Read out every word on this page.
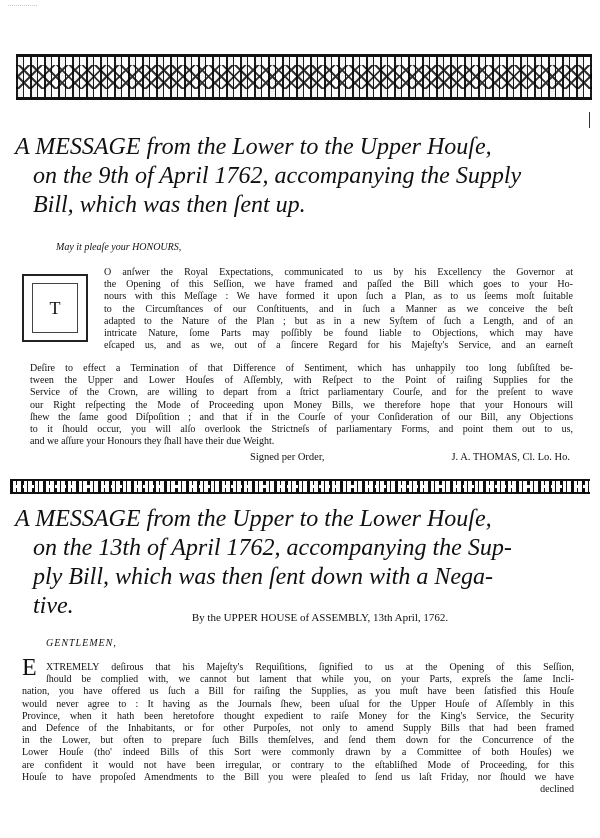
...............
A MESSAGE from the Lower to the Upper Houſe,
on the 9th of April 1762, accompanying the Supply
Bill, which was then ſent up.
May it pleaſe your HONOURS,
T
O anſwer the Royal Expectations, communicated to us by his Excellency the Governor at
the Opening of this Seſſion, we have framed and paſſed the Bill which goes to your Ho-
nours with this Meſſage : We have formed it upon ſuch a Plan, as to us ſeems moſt ſuitable
to the Circumſtances of our Conſtituents, and in ſuch a Manner as we conceive the beſt
adapted to the Nature of the Plan ; but as in a new Syſtem of ſuch a Length, and of an
intricate Nature, ſome Parts may poſſibly be found liable to Objections, which may have
eſcaped us, and as we, out of a ſincere Regard for his Majeſty's Service, and an earneſt
Deſire to effect a Termination of that Difference of Sentiment, which has unhappily too long ſubſiſted be-
tween the Upper and Lower Houſes of Aſſembly, with Reſpect to the Point of raiſing Supplies for the
Service of the Crown, are willing to depart from a ſtrict parliamentary Courſe, and for the preſent to wave
our Right reſpecting the Mode of Proceeding upon Money Bills, we therefore hope that your Honours will
ſhew the ſame good Diſpoſition ; and that if in the Courſe of your Conſideration of our Bill, any Objections
to it ſhould occur, you will alſo overlook the Strictneſs of parliamentary Forms, and point them out to us,
and we aſſure your Honours they ſhall have their due Weight.
Signed per Order,	J. A. THOMAS, Cl. Lo. Ho.
A MESSAGE from the Upper to the Lower Houſe,
on the 13th of April 1762, accompanying the Sup-
ply Bill, which was then ſent down with a Nega-
tive.	By the UPPER HOUSE of ASSEMBLY, 13th April, 1762.
GENTLEMEN,
E XTREMELY deſirous that his Majeſty's Requiſitions, ſignified to us at the Opening of this Seſſion,
ſhould be complied with, we cannot but lament that while you, on your Parts, expreſs the ſame Incli-
nation, you have offered us ſuch a Bill for raiſing the Supplies, as you muſt have been ſatisfied this Houſe
would never agree to : It having as the Journals ſhew, been uſual for the Upper Houſe of Aſſembly in this
Province, when it hath been heretofore thought expedient to raiſe Money for the King's Service, the Security
and Defence of the Inhabitants, or for other Purpoſes, not only to amend Supply Bills that had been framed
in the Lower, but often to prepare ſuch Bills themſelves, and ſend them down for the Concurrence of the
Lower Houſe (tho' indeed Bills of this Sort were commonly drawn by a Committee of both Houſes) we
are confident it would not have been irregular, or contrary to the eſtabliſhed Mode of Proceeding, for this
Houſe to have propoſed Amendments to the Bill you were pleaſed to ſend us laſt Friday, nor ſhould we have
declined
